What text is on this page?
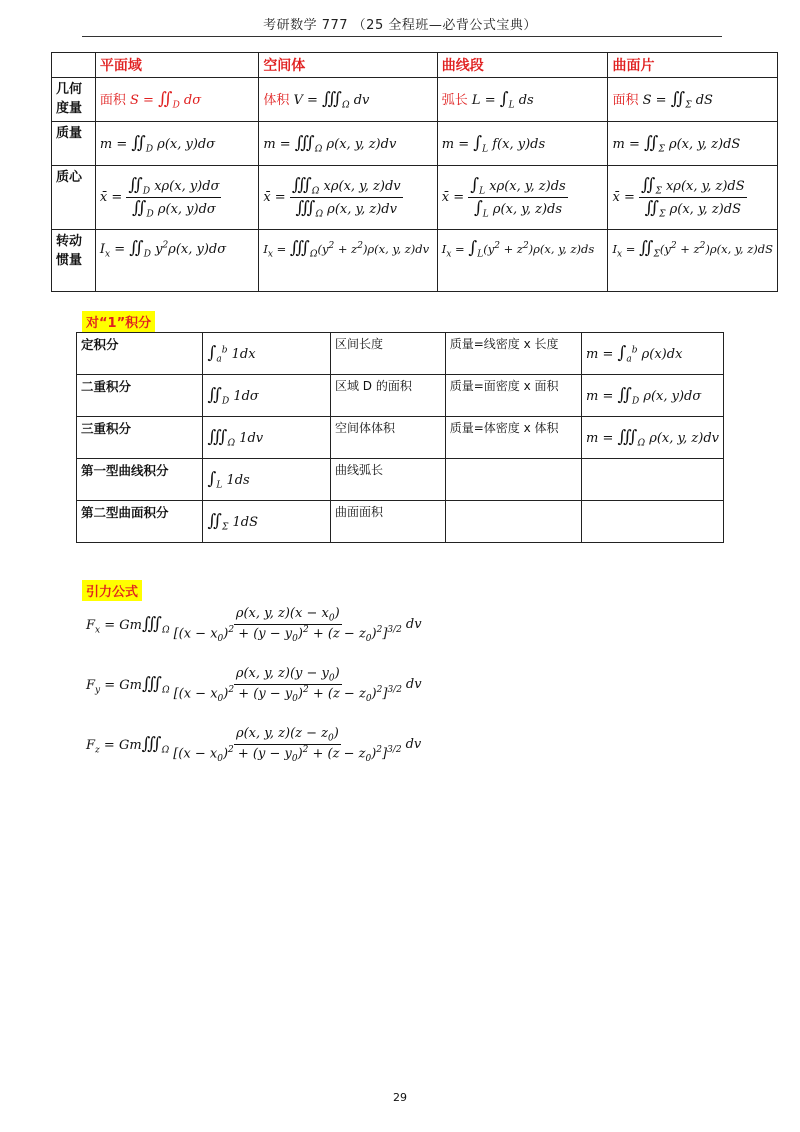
考研数学 777 （25 全程班—必背公式宝典）
	平面域	空间体	曲线段	曲面片
几何度量	面积 $S = ∬_D$ dσ	体积 $V = ∭_\Omega$ dv	弧长 $L = \int_L$ ds	面积 $S = ∬_\Sigma$ dS
质量	$m = ∬_D$ ρ(x, y)dσ	$m = ∭_\Omega$ ρ(x, y, z)dv	$m = \int_L$ f(x, y)ds	$m = ∬_\Sigma$ ρ(x, y, z)dS
质心	x̄ = $\frac{∬_D x\rho(x, y)d\sigma}{∬_D \rho(x, y)d\sigma}$	x̄ = $\frac{∭_\Omega x\rho(x, y, z)dv}{∭_\Omega \rho(x, y, z)dv}$	x̄ = $\frac{\int_L x\rho(x, y, z)ds}{\int_L \rho(x, y, z)ds}$	x̄ = $\frac{∬_\Sigma x\rho(x, y, z)dS}{∬_\Sigma \rho(x, y, z)dS}$

转动惯量	$I_x$ = $∬_D$ $y^2\rho(x$, y)dσ	$I_x$ = $∭_\Omega(y^2 + z^2)\rho(x$, y, z)dv	$I_x = \int_L(y^2 + z^2)\rho(x$, y, z)ds	$I_x$ = $∬_\Sigma(y^2 + z^2)\rho(x$, y, z)dS
对“1”积分
定积分	$\int_a^b$ 1dx	区间长度	质量=线密度 x 长度	$m = \int_a^b$ ρ(x)dx
二重积分	$∬_D$ 1dσ	区域 D 的面积	质量=面密度 x 面积	$m = ∬_D$ ρ(x, y)dσ
三重积分	$∭_\Omega$ 1dv	空间体体积	质量=体密度 x 体积	$m = ∭_\Omega$ ρ(x, y, z)dv
第一型曲线积分	$\int_L$ 1ds	曲线弧长		
第二型曲面积分	$∬_\Sigma$ 1dS	曲面面积		
引力公式
$F_x$ = $Gm∭_\Omega \frac{\rho(x, y, z)(x - x_0)}{[(x - x_0)^2 + (y - y_0)^2 + (z - z_0)^2]^{3/2}}$ dv
$F_y$ = $Gm∭_\Omega \frac{\rho(x, y, z)(y - y_0)}{[(x - x_0)^2 + (y - y_0)^2 + (z - z_0)^2]^{3/2}}$ dv
$F_z$ = $Gm∭_\Omega \frac{\rho(x, y, z)(z - z_0)}{[(x - x_0)^2 + (y - y_0)^2 + (z - z_0)^2]^{3/2}}$ dv
29
